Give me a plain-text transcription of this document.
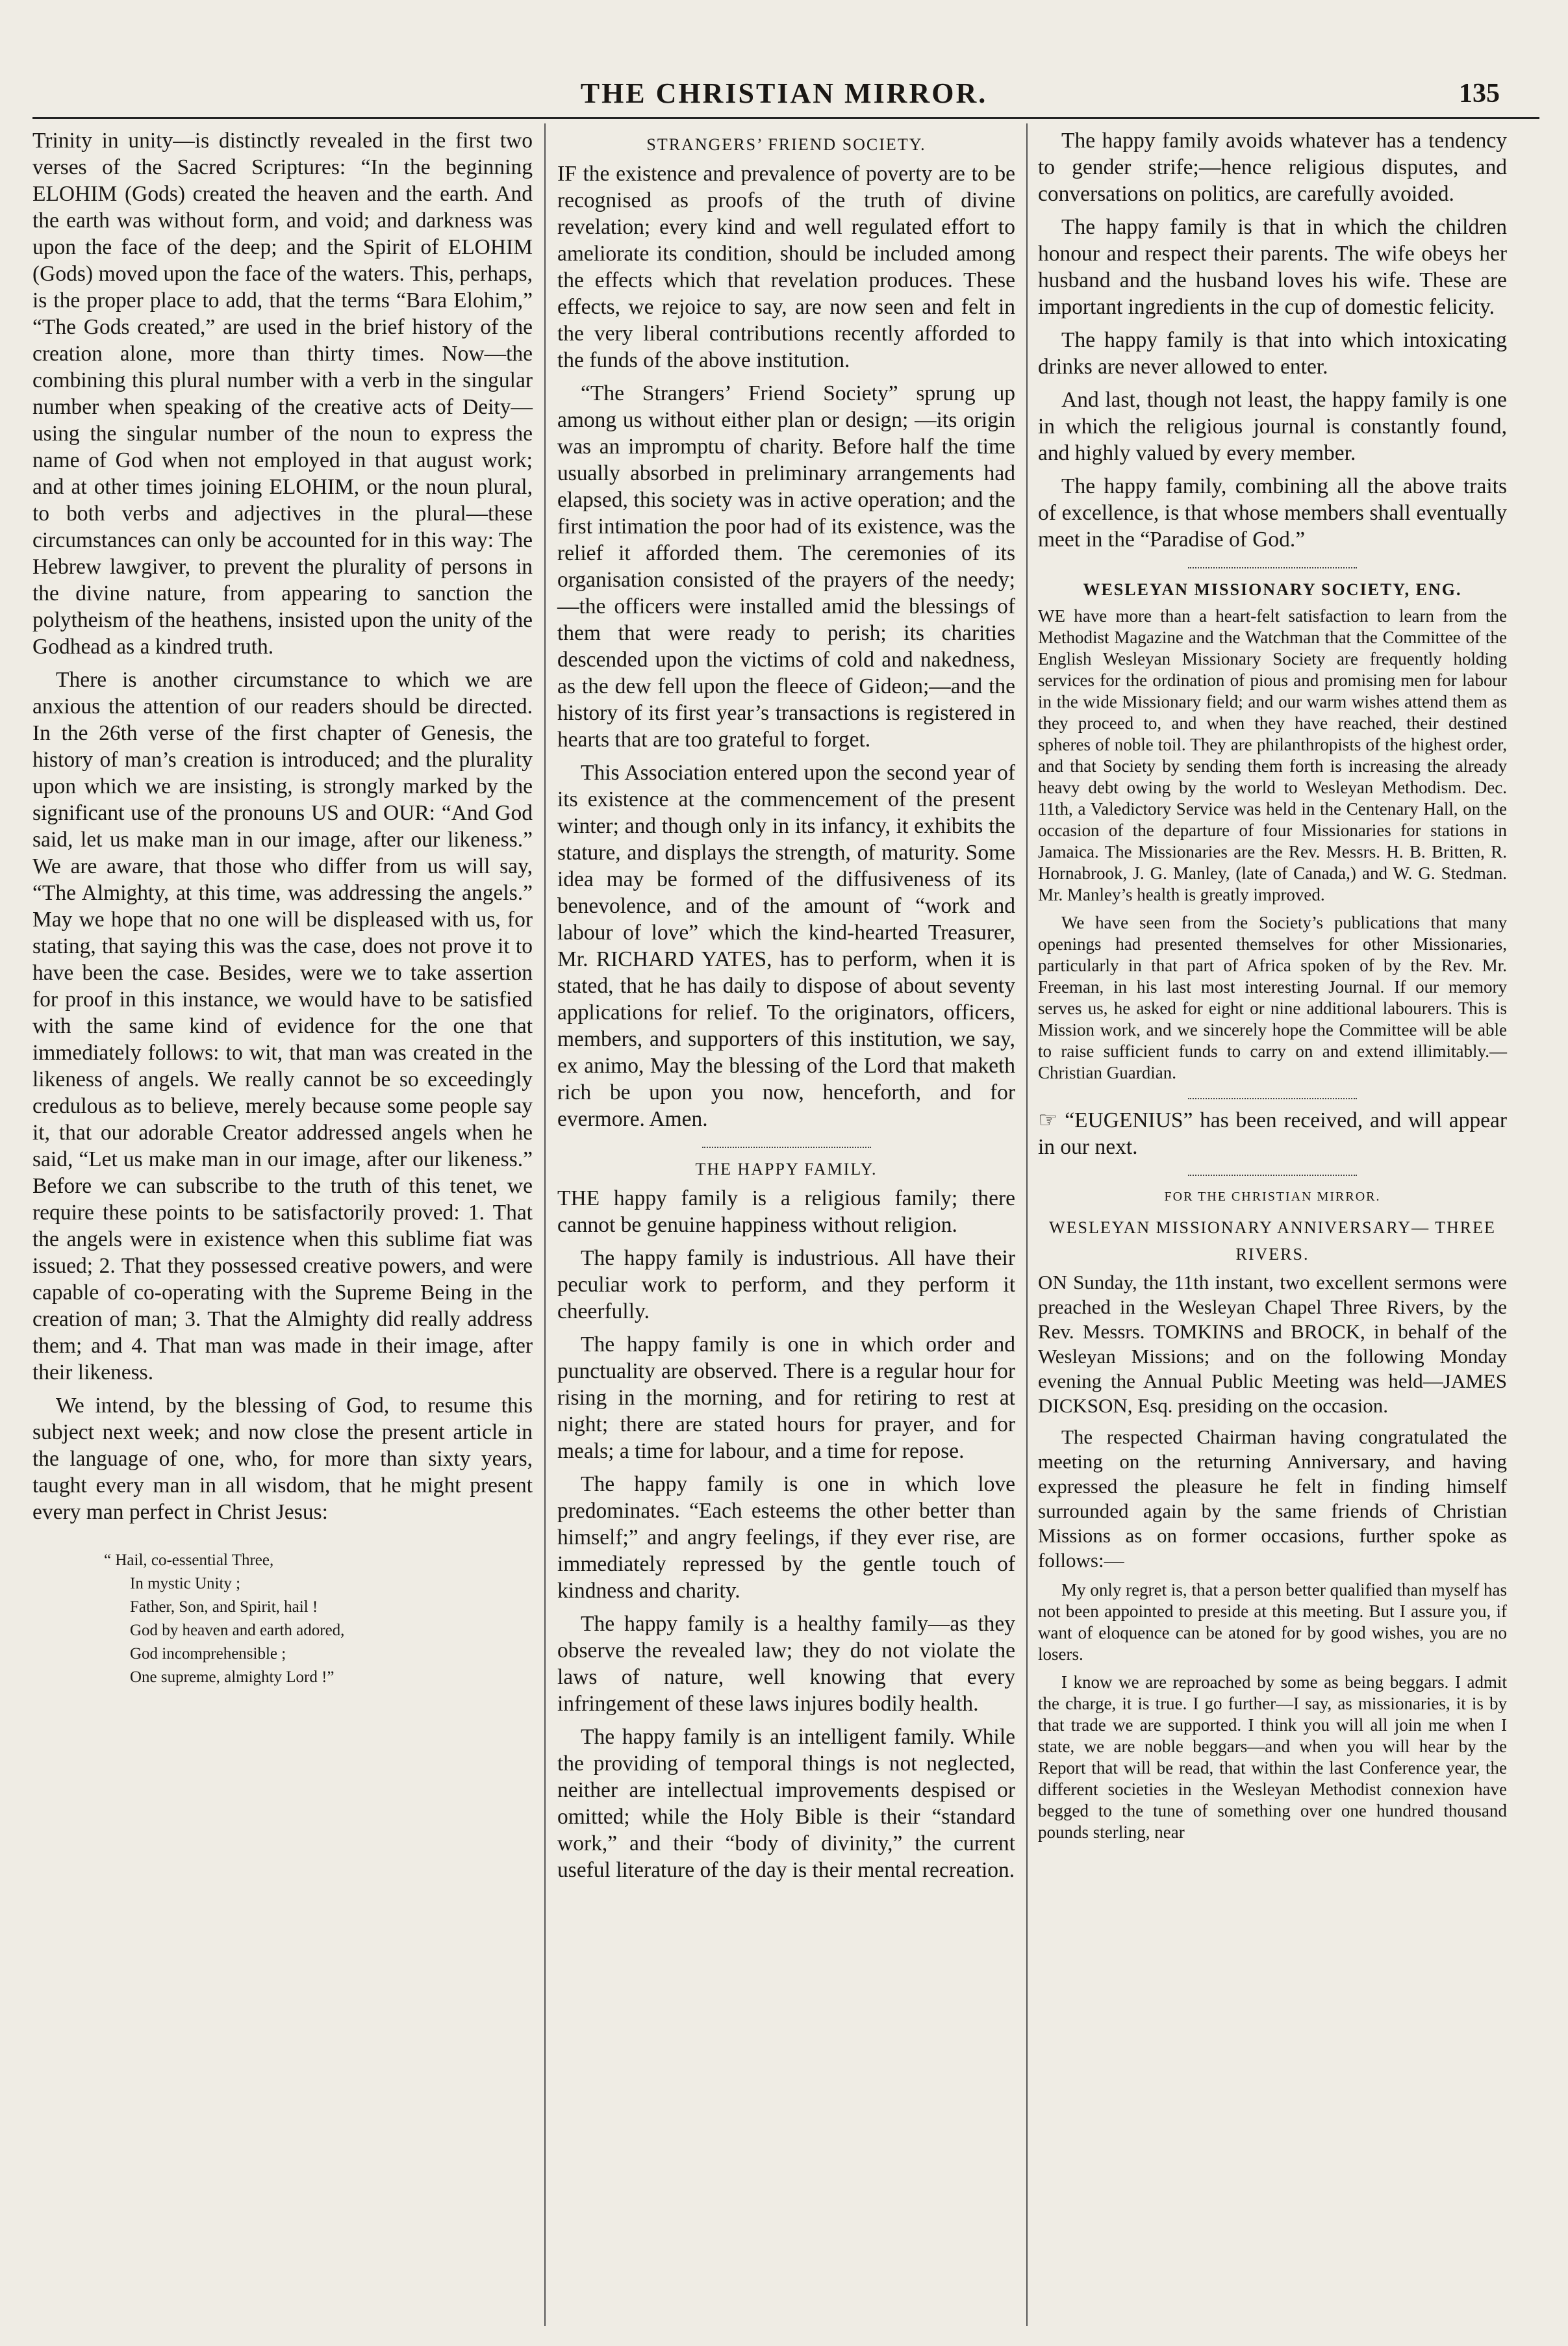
THE CHRISTIAN MIRROR.	135

Trinity in unity—is distinctly revealed in the first two verses of the Sacred Scriptures: “In the beginning ELOHIM (Gods) created the heaven and the earth. And the earth was without form, and void; and darkness was upon the face of the deep; and the Spirit of ELOHIM (Gods) moved upon the face of the waters. This, perhaps, is the proper place to add, that the terms “Bara Elohim,” “The Gods created,” are used in the brief history of the creation alone, more than thirty times. Now—the combining this plural number with a verb in the singular number when speaking of the creative acts of Deity—using the singular number of the noun to express the name of God when not employed in that august work; and at other times joining ELOHIM, or the noun plural, to both verbs and adjectives in the plural—these circumstances can only be accounted for in this way: The Hebrew lawgiver, to prevent the plurality of persons in the divine nature, from appearing to sanction the polytheism of the heathens, insisted upon the unity of the Godhead as a kindred truth.

There is another circumstance to which we are anxious the attention of our readers should be directed. In the 26th verse of the first chapter of Genesis, the history of man’s creation is introduced; and the plurality upon which we are insisting, is strongly marked by the significant use of the pronouns US and OUR: “And God said, let us make man in our image, after our likeness.” We are aware, that those who differ from us will say, “The Almighty, at this time, was addressing the angels.” May we hope that no one will be displeased with us, for stating, that saying this was the case, does not prove it to have been the case. Besides, were we to take assertion for proof in this instance, we would have to be satisfied with the same kind of evidence for the one that immediately follows: to wit, that man was created in the likeness of angels. We really cannot be so exceedingly credulous as to believe, merely because some people say it, that our adorable Creator addressed angels when he said, “Let us make man in our image, after our likeness.” Before we can subscribe to the truth of this tenet, we require these points to be satisfactorily proved: 1. That the angels were in existence when this sublime fiat was issued; 2. That they possessed creative powers, and were capable of co-operating with the Supreme Being in the creation of man; 3. That the Almighty did really address them; and 4. That man was made in their image, after their likeness.

We intend, by the blessing of God, to resume this subject next week; and now close the present article in the language of one, who, for more than sixty years, taught every man in all wisdom, that he might present every man perfect in Christ Jesus:

“ Hail, co-essential Three,
In mystic Unity ;
Father, Son, and Spirit, hail !
God by heaven and earth adored,
God incomprehensible ;
One supreme, almighty Lord !”
STRANGERS’ FRIEND SOCIETY.

IF the existence and prevalence of poverty are to be recognised as proofs of the truth of divine revelation; every kind and well regulated effort to ameliorate its condition, should be included among the effects which that revelation produces. These effects, we rejoice to say, are now seen and felt in the very liberal contributions recently afforded to the funds of the above institution.

“The Strangers’ Friend Society” sprung up among us without either plan or design; —its origin was an impromptu of charity. Before half the time usually absorbed in preliminary arrangements had elapsed, this society was in active operation; and the first intimation the poor had of its existence, was the relief it afforded them. The ceremonies of its organisation consisted of the prayers of the needy;—the officers were installed amid the blessings of them that were ready to perish; its charities descended upon the victims of cold and nakedness, as the dew fell upon the fleece of Gideon;—and the history of its first year’s transactions is registered in hearts that are too grateful to forget.

This Association entered upon the second year of its existence at the commencement of the present winter; and though only in its infancy, it exhibits the stature, and displays the strength, of maturity. Some idea may be formed of the diffusiveness of its benevolence, and of the amount of “work and labour of love” which the kind-hearted Treasurer, Mr. RICHARD YATES, has to perform, when it is stated, that he has daily to dispose of about seventy applications for relief. To the originators, officers, members, and supporters of this institution, we say, ex animo, May the blessing of the Lord that maketh rich be upon you now, henceforth, and for evermore. Amen.

THE HAPPY FAMILY.

THE happy family is a religious family; there cannot be genuine happiness without religion.

The happy family is industrious. All have their peculiar work to perform, and they perform it cheerfully.

The happy family is one in which order and punctuality are observed. There is a regular hour for rising in the morning, and for retiring to rest at night; there are stated hours for prayer, and for meals; a time for labour, and a time for repose.

The happy family is one in which love predominates. “Each esteems the other better than himself;” and angry feelings, if they ever rise, are immediately repressed by the gentle touch of kindness and charity.

The happy family is a healthy family—as they observe the revealed law; they do not violate the laws of nature, well knowing that every infringement of these laws injures bodily health.

The happy family is an intelligent family. While the providing of temporal things is not neglected, neither are intellectual improvements despised or omitted; while the Holy Bible is their “standard work,” and their “body of divinity,” the current useful literature of the day is their mental recreation.

The happy family avoids whatever has a tendency to gender strife;—hence religious disputes, and conversations on politics, are carefully avoided.

The happy family is that in which the children honour and respect their parents. The wife obeys her husband and the husband loves his wife. These are important ingredients in the cup of domestic felicity.

The happy family is that into which intoxicating drinks are never allowed to enter.

And last, though not least, the happy family is one in which the religious journal is constantly found, and highly valued by every member.

The happy family, combining all the above traits of excellence, is that whose members shall eventually meet in the “Paradise of God.”

WESLEYAN MISSIONARY SOCIETY, ENG.

WE have more than a heart-felt satisfaction to learn from the Methodist Magazine and the Watchman that the Committee of the English Wesleyan Missionary Society are frequently holding services for the ordination of pious and promising men for labour in the wide Missionary field; and our warm wishes attend them as they proceed to, and when they have reached, their destined spheres of noble toil. They are philanthropists of the highest order, and that Society by sending them forth is increasing the already heavy debt owing by the world to Wesleyan Methodism. Dec. 11th, a Valedictory Service was held in the Centenary Hall, on the occasion of the departure of four Missionaries for stations in Jamaica. The Missionaries are the Rev. Messrs. H. B. Britten, R. Hornabrook, J. G. Manley, (late of Canada,) and W. G. Stedman. Mr. Manley’s health is greatly improved.

We have seen from the Society’s publications that many openings had presented themselves for other Missionaries, particularly in that part of Africa spoken of by the Rev. Mr. Freeman, in his last most interesting Journal. If our memory serves us, he asked for eight or nine additional labourers. This is Mission work, and we sincerely hope the Committee will be able to raise sufficient funds to carry on and extend illimitably.— Christian Guardian.

☞ “EUGENIUS” has been received, and will appear in our next.

FOR THE CHRISTIAN MIRROR.
WESLEYAN MISSIONARY ANNIVERSARY— THREE RIVERS.

ON Sunday, the 11th instant, two excellent sermons were preached in the Wesleyan Chapel Three Rivers, by the Rev. Messrs. TOMKINS and BROCK, in behalf of the Wesleyan Missions; and on the following Monday evening the Annual Public Meeting was held—JAMES DICKSON, Esq. presiding on the occasion.

The respected Chairman having congratulated the meeting on the returning Anniversary, and having expressed the pleasure he felt in finding himself surrounded again by the same friends of Christian Missions as on former occasions, further spoke as follows:—

My only regret is, that a person better qualified than myself has not been appointed to preside at this meeting. But I assure you, if want of eloquence can be atoned for by good wishes, you are no losers.

I know we are reproached by some as being beggars. I admit the charge, it is true. I go further—I say, as missionaries, it is by that trade we are supported. I think you will all join me when I state, we are noble beggars—and when you will hear by the Report that will be read, that within the last Conference year, the different societies in the Wesleyan Methodist connexion have begged to the tune of something over one hundred thousand pounds sterling, near
